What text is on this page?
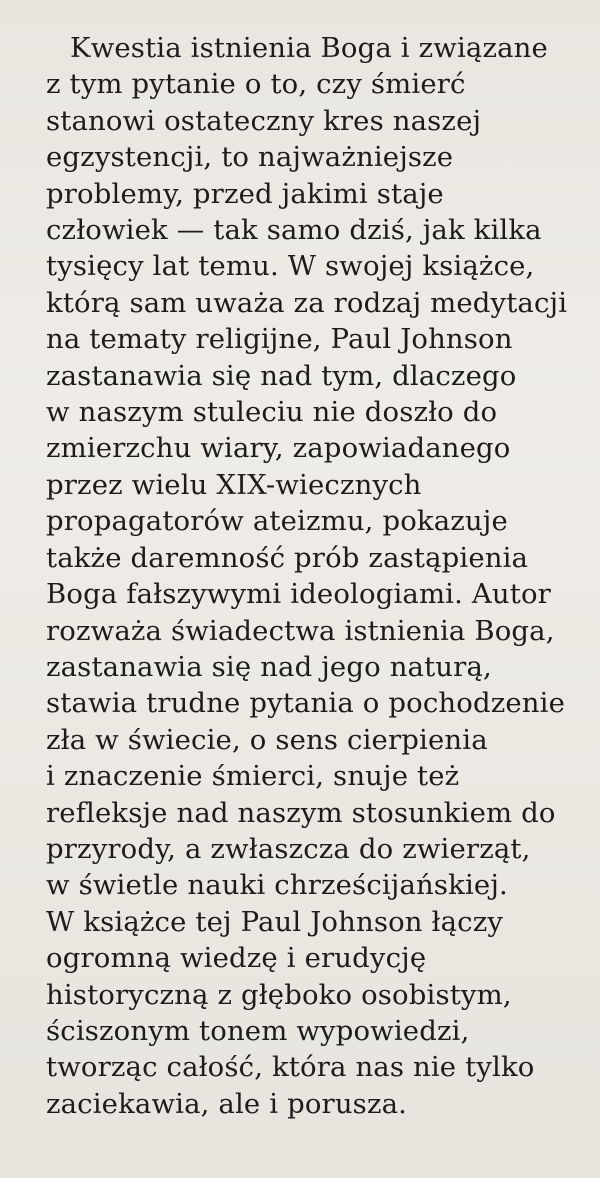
Kwestia istnienia Boga i związane
z tym pytanie o to, czy śmierć
stanowi ostateczny kres naszej
egzystencji, to najważniejsze
problemy, przed jakimi staje
człowiek — tak samo dziś, jak kilka
tysięcy lat temu. W swojej książce,
którą sam uważa za rodzaj medytacji
na tematy religijne, Paul Johnson
zastanawia się nad tym, dlaczego
w naszym stuleciu nie doszło do
zmierzchu wiary, zapowiadanego
przez wielu XIX-wiecznych
propagatorów ateizmu, pokazuje
także daremność prób zastąpienia
Boga fałszywymi ideologiami. Autor
rozważa świadectwa istnienia Boga,
zastanawia się nad jego naturą,
stawia trudne pytania o pochodzenie
zła w świecie, o sens cierpienia
i znaczenie śmierci, snuje też
refleksje nad naszym stosunkiem do
przyrody, a zwłaszcza do zwierząt,
w świetle nauki chrześcijańskiej.
W książce tej Paul Johnson łączy
ogromną wiedzę i erudycję
historyczną z głęboko osobistym,
ściszonym tonem wypowiedzi,
tworząc całość, która nas nie tylko
zaciekawia, ale i porusza.
